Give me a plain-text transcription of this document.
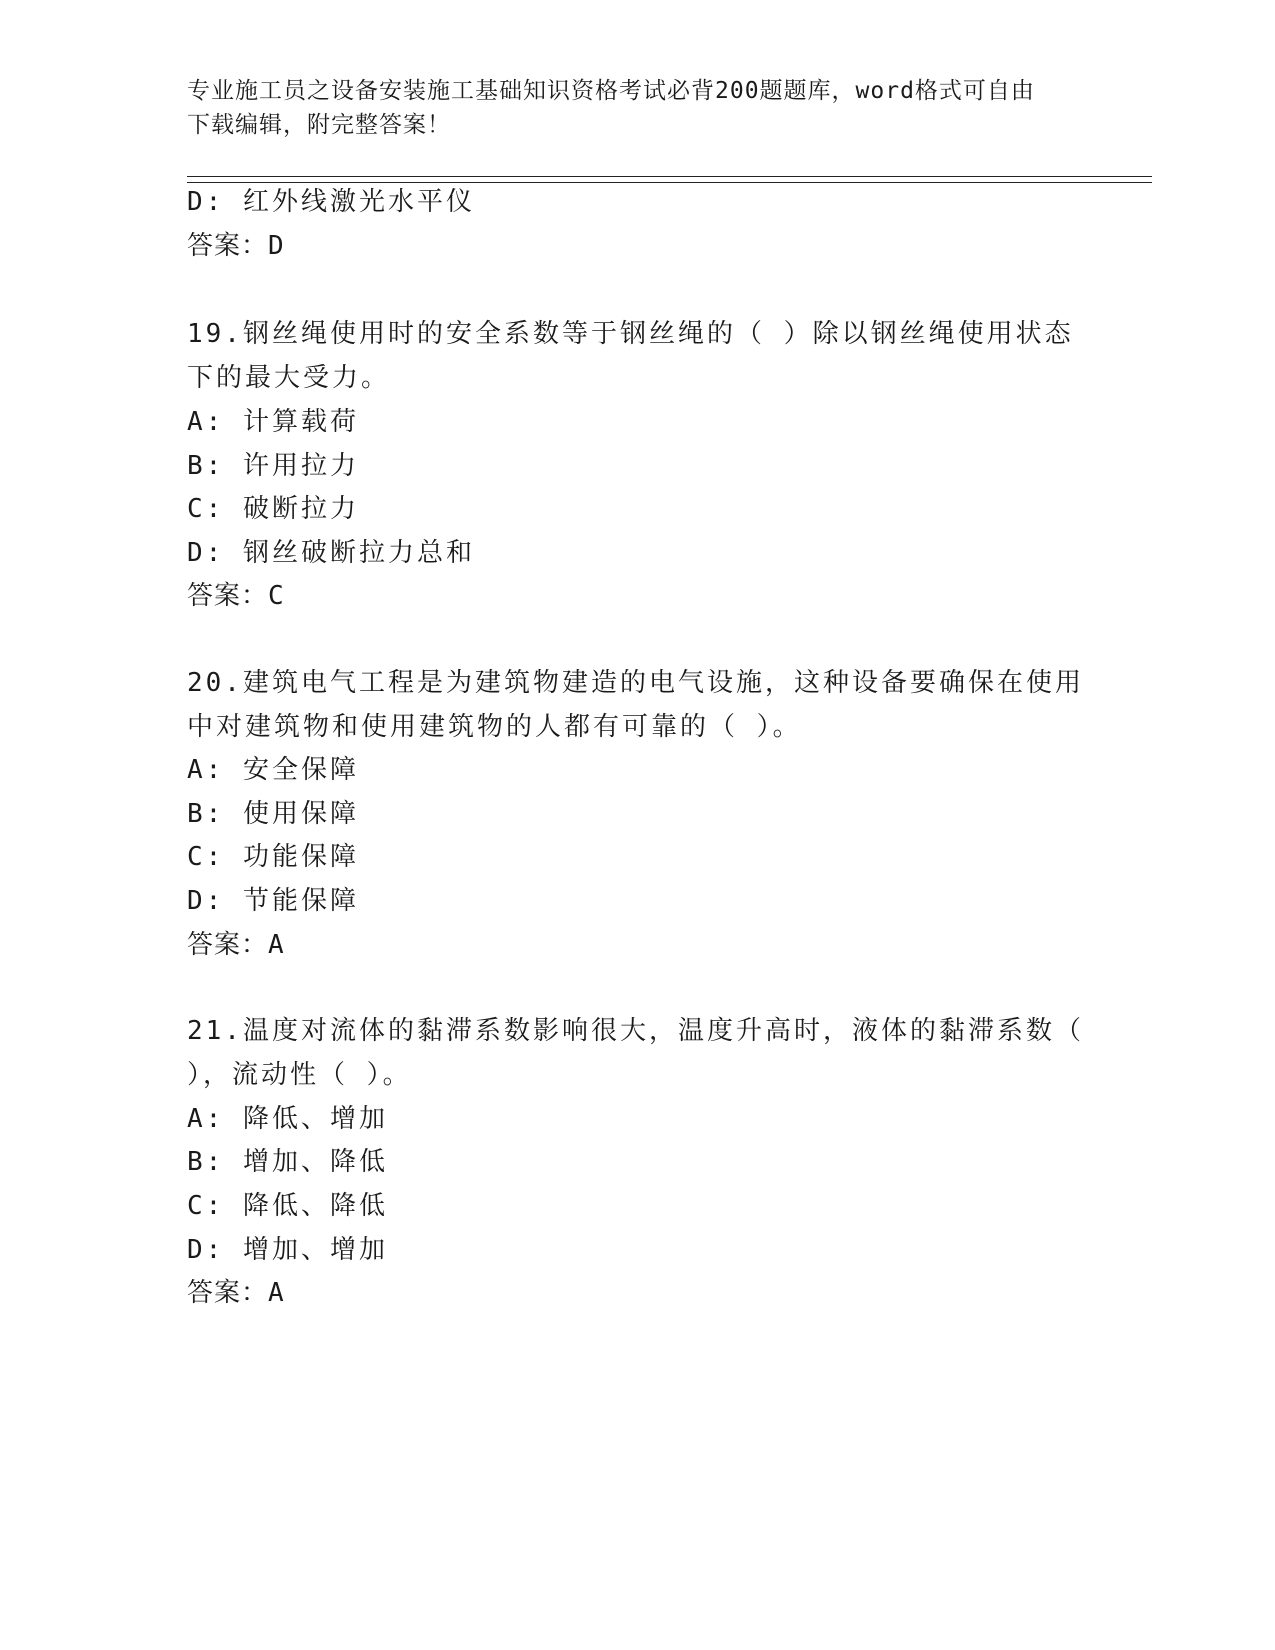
专业施工员之设备安装施工基础知识资格考试必背200题题库，word格式可自由
下载编辑，附完整答案！
D: 红外线激光水平仪
答案：D
19.钢丝绳使用时的安全系数等于钢丝绳的（ ）除以钢丝绳使用状态
下的最大受力。
A: 计算载荷
B: 许用拉力
C: 破断拉力
D: 钢丝破断拉力总和
答案：C
20.建筑电气工程是为建筑物建造的电气设施，这种设备要确保在使用
中对建筑物和使用建筑物的人都有可靠的（ ）。
A: 安全保障
B: 使用保障
C: 功能保障
D: 节能保障
答案：A
21.温度对流体的黏滞系数影响很大，温度升高时，液体的黏滞系数（
），流动性（ ）。
A: 降低、增加
B: 增加、降低
C: 降低、降低
D: 增加、增加
答案：A
